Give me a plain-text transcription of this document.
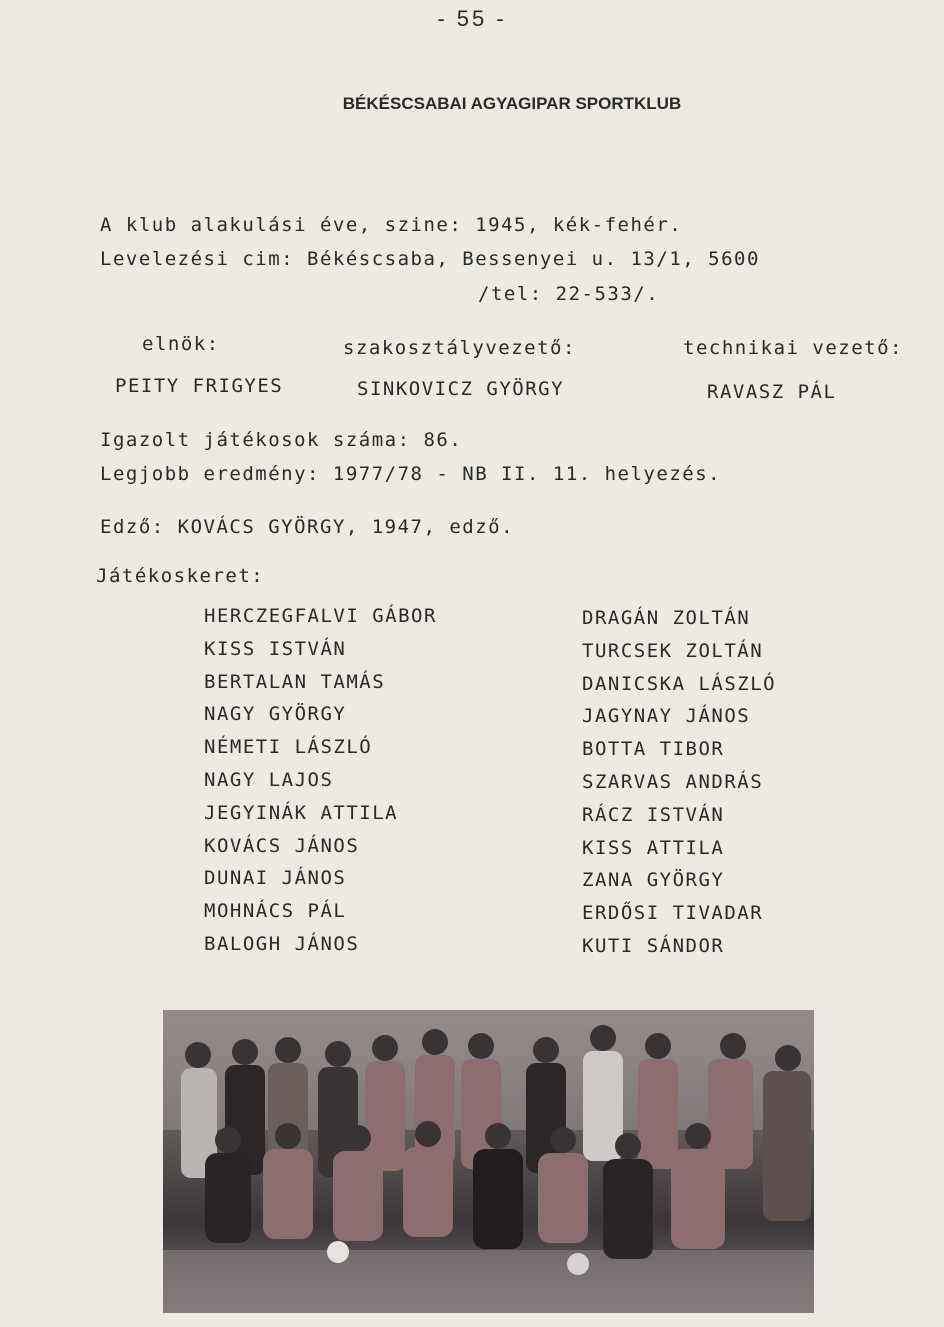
- 55 -
BÉKÉSCSABAI AGYAGIPAR SPORTKLUB
A klub alakulási éve, szine: 1945, kék-fehér.
Levelezési cim: Békéscsaba, Bessenyei u. 13/1, 5600
/tel: 22-533/.
elnök:	szakosztályvezető:	technikai vezető:
PEITY FRIGYES	SINKOVICZ GYÖRGY	RAVASZ PÁL
Igazolt játékosok száma: 86.
Legjobb eredmény: 1977/78 - NB II. 11. helyezés.
Edző: KOVÁCS GYÖRGY, 1947, edző.
Játékoskeret:
HERCZEGFALVI GÁBOR
KISS ISTVÁN
BERTALAN TAMÁS
NAGY GYÖRGY
NÉMETI LÁSZLÓ
NAGY LAJOS
JEGYINÁK ATTILA
KOVÁCS JÁNOS
DUNAI JÁNOS
MOHNÁCS PÁL
BALOGH JÁNOS
DRAGÁN ZOLTÁN
TURCSEK ZOLTÁN
DANICSKA LÁSZLÓ
JAGYNAY JÁNOS
BOTTA TIBOR
SZARVAS ANDRÁS
RÁCZ ISTVÁN
KISS ATTILA
ZANA GYÖRGY
ERDŐSI TIVADAR
KUTI SÁNDOR
